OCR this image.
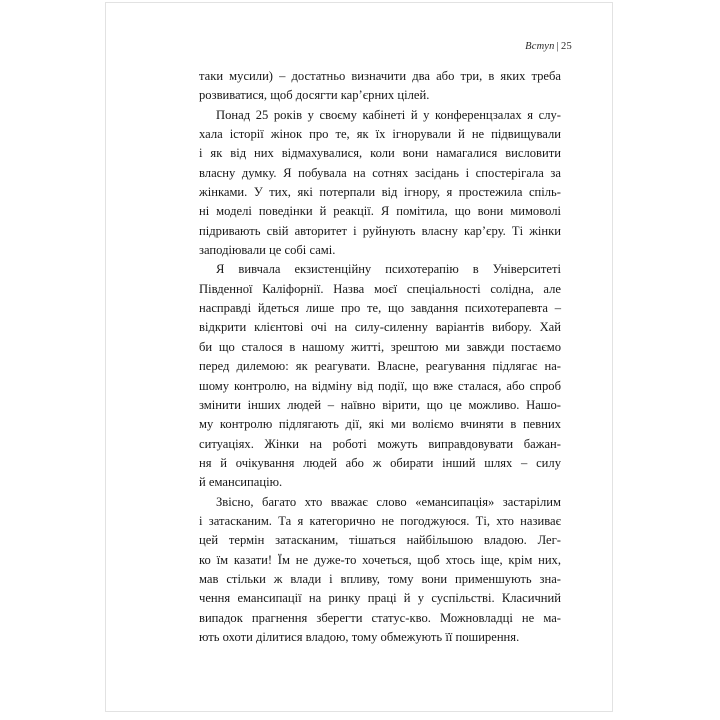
Вступ | 25

таки мусили) – достатньо визначити два або три, в яких треба
розвиватися, щоб досягти кар’єрних цілей.

Понад 25 років у своєму кабінеті й у конференцзалах я слу-
хала історії жінок про те, як їх ігнорували й не підвищували
і як від них відмахувалися, коли вони намагалися висловити
власну думку. Я побувала на сотнях засідань і спостерігала за
жінками. У тих, які потерпали від ігнору, я простежила спіль-
ні моделі поведінки й реакції. Я помітила, що вони мимоволі
підривають свій авторитет і руйнують власну кар’єру. Ті жінки
заподіювали це собі самі.

Я вивчала екзистенційну психотерапію в Університеті
Південної Каліфорнії. Назва моєї спеціальності солідна, але
насправді йдеться лише про те, що завдання психотерапевта –
відкрити клієнтові очі на силу-силенну варіантів вибору. Хай
би що сталося в нашому житті, зрештою ми завжди постаємо
перед дилемою: як реагувати. Власне, реагування підлягає на-
шому контролю, на відміну від події, що вже сталася, або спроб
змінити інших людей – наївно вірити, що це можливо. Нашо-
му контролю підлягають дії, які ми воліємо вчиняти в певних
ситуаціях. Жінки на роботі можуть виправдовувати бажан-
ня й очікування людей або ж обирати інший шлях – силу
й емансипацію.

Звісно, багато хто вважає слово «емансипація» застарілим
і затасканим. Та я категорично не погоджуюся. Ті, хто називає
цей термін затасканим, тішаться найбільшою владою. Лег-
ко їм казати! Їм не дуже-то хочеться, щоб хтось іще, крім них,
мав стільки ж влади і впливу, тому вони применшують зна-
чення емансипації на ринку праці й у суспільстві. Класичний
випадок прагнення зберегти статус-кво. Можновладці не ма-
ють охоти ділитися владою, тому обмежують її поширення.
